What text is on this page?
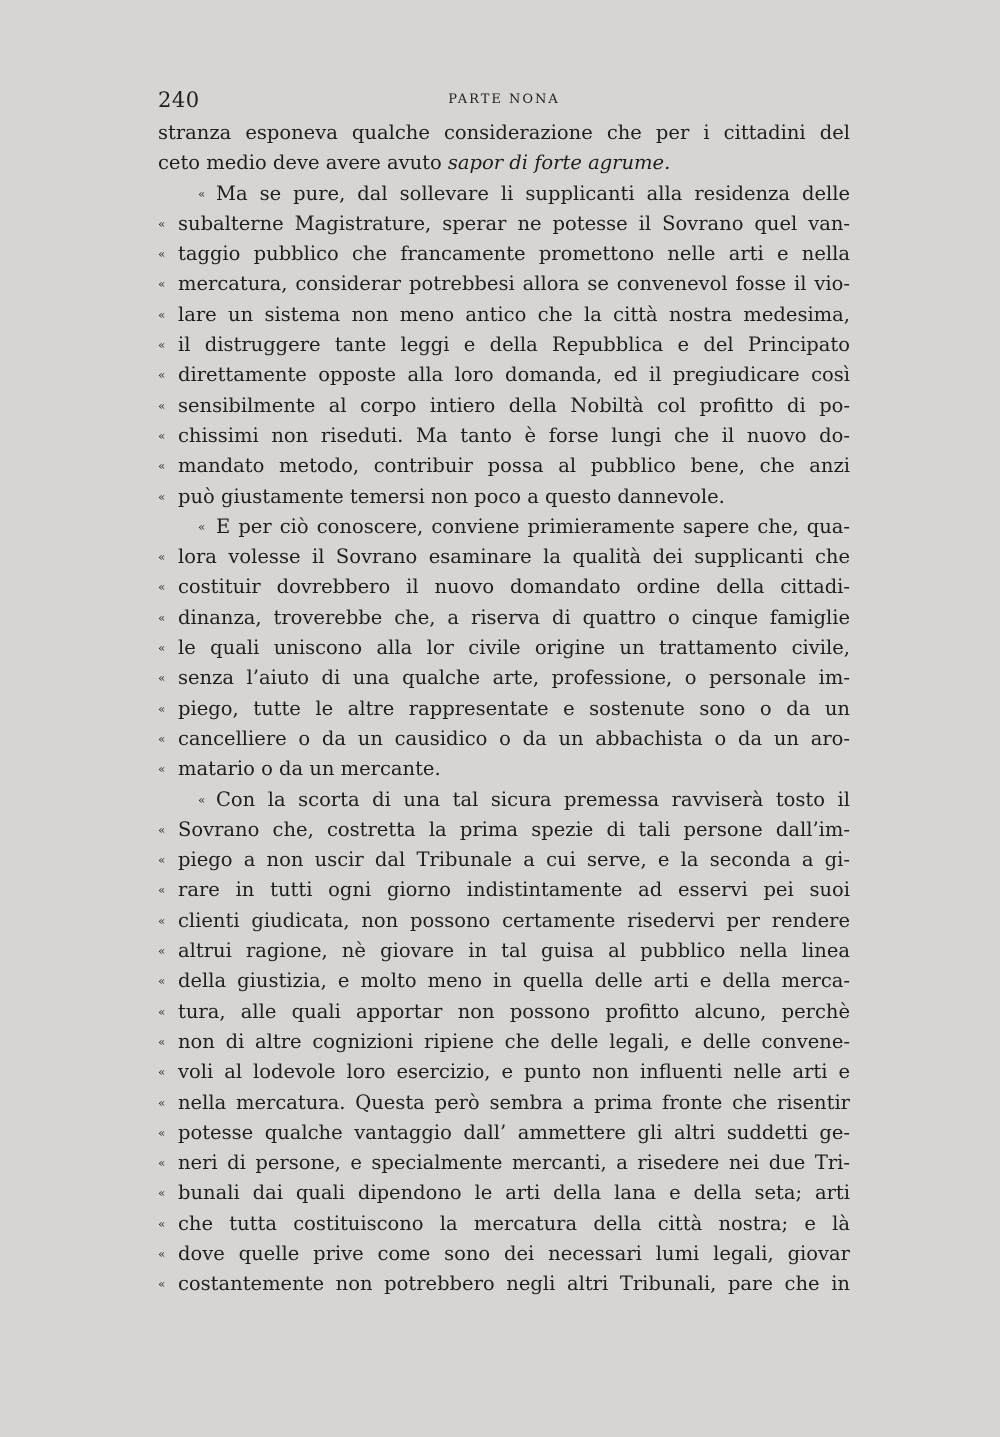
240	PARTE NONA
stranza esponeva qualche considerazione che per i cittadini del
ceto medio deve avere avuto sapor di forte agrume.
« Ma se pure, dal sollevare li supplicanti alla residenza delle
« subalterne Magistrature, sperar ne potesse il Sovrano quel van-
« taggio pubblico che francamente promettono nelle arti e nella
« mercatura, considerar potrebbesi allora se convenevol fosse il vio-
« lare un sistema non meno antico che la città nostra medesima,
« il distruggere tante leggi e della Repubblica e del Principato
« direttamente opposte alla loro domanda, ed il pregiudicare così
« sensibilmente al corpo intiero della Nobiltà col profitto di po-
« chissimi non riseduti. Ma tanto è forse lungi che il nuovo do-
« mandato metodo, contribuir possa al pubblico bene, che anzi
« può giustamente temersi non poco a questo dannevole.
« E per ciò conoscere, conviene primieramente sapere che, qua-
« lora volesse il Sovrano esaminare la qualità dei supplicanti che
« costituir dovrebbero il nuovo domandato ordine della cittadi-
« dinanza, troverebbe che, a riserva di quattro o cinque famiglie
« le quali uniscono alla lor civile origine un trattamento civile,
« senza l’aiuto di una qualche arte, professione, o personale im-
« piego, tutte le altre rappresentate e sostenute sono o da un
« cancelliere o da un causidico o da un abbachista o da un aro-
« matario o da un mercante.
« Con la scorta di una tal sicura premessa ravviserà tosto il
« Sovrano che, costretta la prima spezie di tali persone dall’im-
« piego a non uscir dal Tribunale a cui serve, e la seconda a gi-
« rare in tutti ogni giorno indistintamente ad esservi pei suoi
« clienti giudicata, non possono certamente risedervi per rendere
« altrui ragione, nè giovare in tal guisa al pubblico nella linea
« della giustizia, e molto meno in quella delle arti e della merca-
« tura, alle quali apportar non possono profitto alcuno, perchè
« non di altre cognizioni ripiene che delle legali, e delle convene-
« voli al lodevole loro esercizio, e punto non influenti nelle arti e
« nella mercatura. Questa però sembra a prima fronte che risentir
« potesse qualche vantaggio dall’ ammettere gli altri suddetti ge-
« neri di persone, e specialmente mercanti, a risedere nei due Tri-
« bunali dai quali dipendono le arti della lana e della seta; arti
« che tutta costituiscono la mercatura della città nostra; e là
« dove quelle prive come sono dei necessari lumi legali, giovar
« costantemente non potrebbero negli altri Tribunali, pare che in
